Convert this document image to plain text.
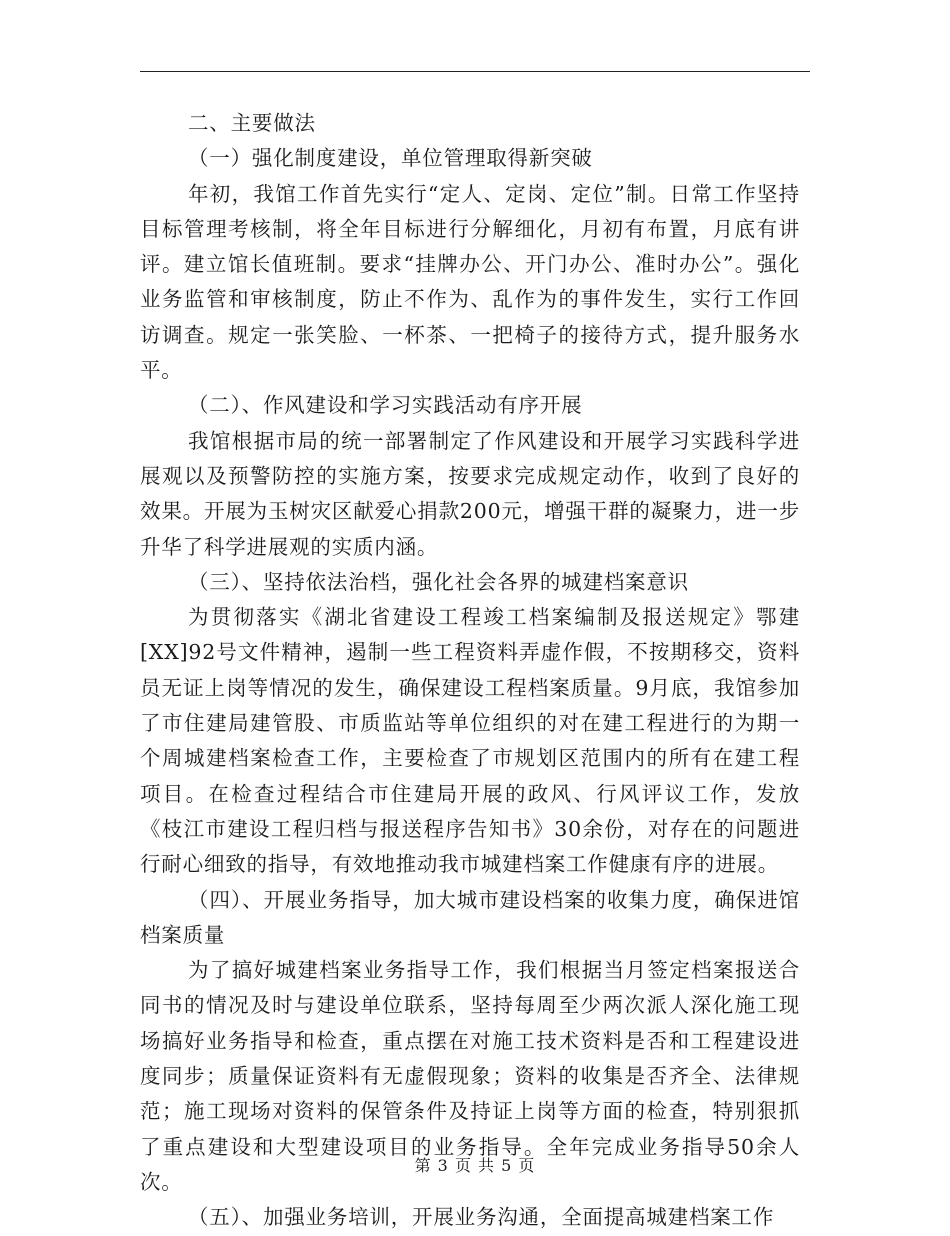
二、主要做法

（一）强化制度建设，单位管理取得新突破

年初，我馆工作首先实行“定人、定岗、定位”制。日常工作坚持目标管理考核制，将全年目标进行分解细化，月初有布置，月底有讲评。建立馆长值班制。要求“挂牌办公、开门办公、准时办公”。强化业务监管和审核制度，防止不作为、乱作为的事件发生，实行工作回访调查。规定一张笑脸、一杯茶、一把椅子的接待方式，提升服务水平。

（二）、作风建设和学习实践活动有序开展

我馆根据市局的统一部署制定了作风建设和开展学习实践科学进展观以及预警防控的实施方案，按要求完成规定动作，收到了良好的效果。开展为玉树灾区献爱心捐款200元，增强干群的凝聚力，进一步升华了科学进展观的实质内涵。

（三）、坚持依法治档，强化社会各界的城建档案意识

为贯彻落实《湖北省建设工程竣工档案编制及报送规定》鄂建[XX]92号文件精神，遏制一些工程资料弄虚作假，不按期移交，资料员无证上岗等情况的发生，确保建设工程档案质量。9月底，我馆参加了市住建局建管股、市质监站等单位组织的对在建工程进行的为期一个周城建档案检查工作，主要检查了市规划区范围内的所有在建工程项目。在检查过程结合市住建局开展的政风、行风评议工作，发放《枝江市建设工程归档与报送程序告知书》30余份，对存在的问题进行耐心细致的指导，有效地推动我市城建档案工作健康有序的进展。

（四）、开展业务指导，加大城市建设档案的收集力度，确保进馆档案质量

为了搞好城建档案业务指导工作，我们根据当月签定档案报送合同书的情况及时与建设单位联系，坚持每周至少两次派人深化施工现场搞好业务指导和检查，重点摆在对施工技术资料是否和工程建设进度同步；质量保证资料有无虚假现象；资料的收集是否齐全、法律规范；施工现场对资料的保管条件及持证上岗等方面的检查，特别狠抓了重点建设和大型建设项目的业务指导。全年完成业务指导50余人次。

（五）、加强业务培训，开展业务沟通，全面提高城建档案工作

第 3 页 共 5 页
